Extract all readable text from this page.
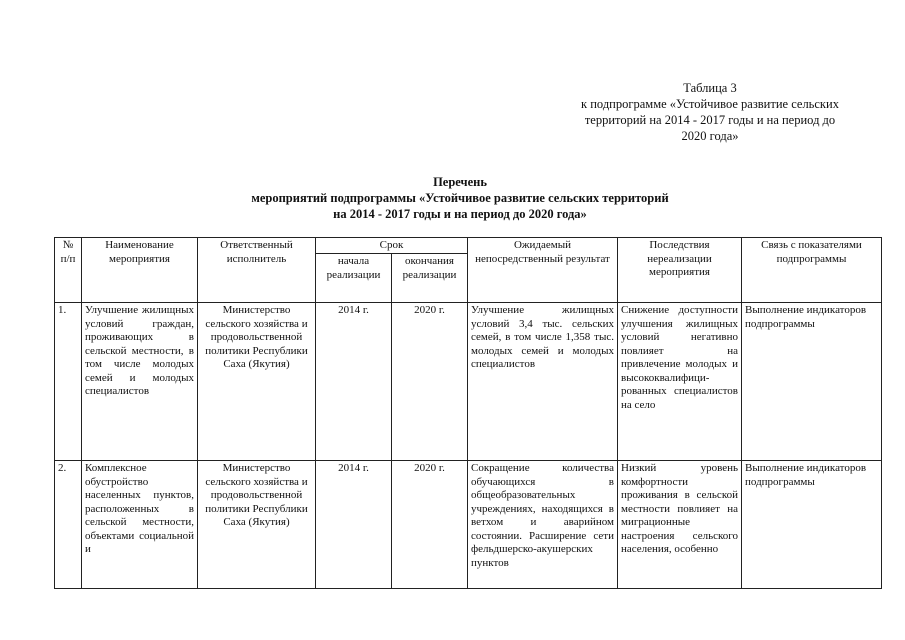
Таблица 3
к подпрограмме «Устойчивое развитие сельских
территорий на 2014 - 2017 годы и на период до
2020 года»
Перечень
мероприятий подпрограммы «Устойчивое развитие сельских территорий
на 2014 - 2017 годы и на период до 2020 года»
№ п/п	Наименование мероприятия	Ответственный исполнитель	Срок		Ожидаемый непосредственный результат	Последствия нереализации мероприятия	Связь с показателями подпрограммы
			начала реализации	окончания реализации			
1.	Улучшение жилищных условий граждан, проживающих в сельской местности, в том числе молодых семей и молодых специалистов	Министерство сельского хозяйства и продовольственной политики Республики Саха (Якутия)	2014 г.	2020 г.	Улучшение жилищных условий 3,4 тыс. сельских семей, в том числе 1,358 тыс. молодых семей и молодых специалистов	Снижение доступности улучшения жилищных условий негативно повлияет на привлечение молодых и высококвалифици-рованных специалистов на село	Выполнение индикаторов подпрограммы
2.	Комплексное обустройство населенных пунктов, расположенных в сельской местности, объектами социальной и	Министерство сельского хозяйства и продовольственной политики Республики Саха (Якутия)	2014 г.	2020 г.	Сокращение количества обучающихся в общеобразовательных учреждениях, находящихся в ветхом и аварийном состоянии. Расширение сети фельдшерско-акушерских пунктов	Низкий уровень комфортности проживания в сельской местности повлияет на миграционные настроения сельского населения, особенно	Выполнение индикаторов подпрограммы
